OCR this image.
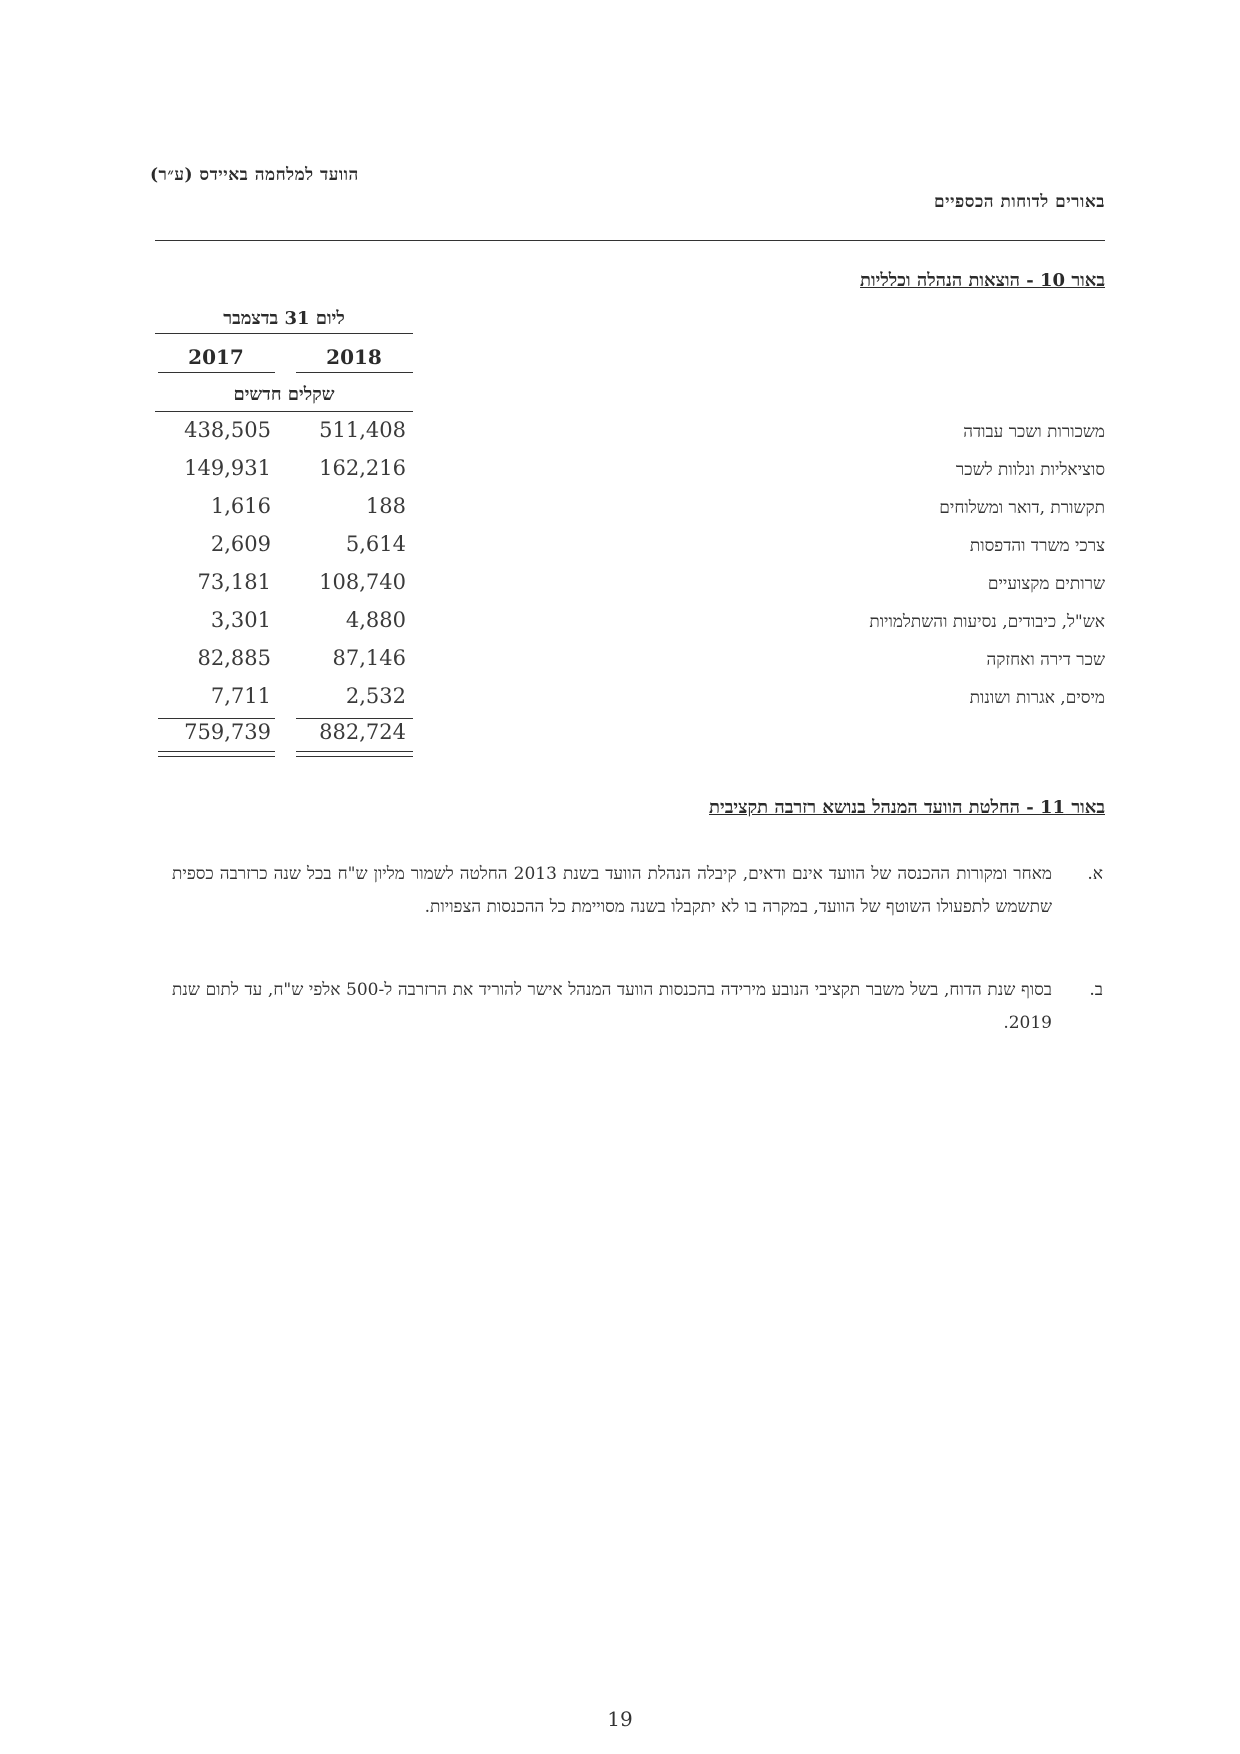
הוועד למלחמה באיידס (ע״ר)
באורים לדוחות הכספיים
באור 10 - הוצאות הנהלה וכלליות
ליום 31 בדצמבר
2018
2017
שקלים חדשים
משכורות ושכר עבודה
511,408
438,505
סוציאליות ונלוות לשכר
162,216
149,931
תקשורת ,דואר ומשלוחים
188
1,616
צרכי משרד והדפסות
5,614
2,609
שרותים מקצועיים
108,740
73,181
אש"ל, כיבודים, נסיעות והשתלמויות
4,880
3,301
שכר דירה ואחזקה
87,146
82,885
מיסים, אגרות ושונות
2,532
7,711
882,724
759,739
באור 11 - החלטת הוועד המנהל בנושא רזרבה תקציבית
א.
מאחר ומקורות ההכנסה של הוועד אינם ודאים, קיבלה הנהלת הוועד בשנת 2013 החלטה לשמור מליון ש"ח בכל שנה כרזרבה כספית שתשמש לתפעולו השוטף של הוועד, במקרה בו לא יתקבלו בשנה מסויימת כל ההכנסות הצפויות.
ב.
בסוף שנת הדוח, בשל משבר תקציבי הנובע מירידה בהכנסות הוועד המנהל אישר להוריד את הרזרבה ל-500 אלפי ש"ח, עד לתום שנת 2019.
19
